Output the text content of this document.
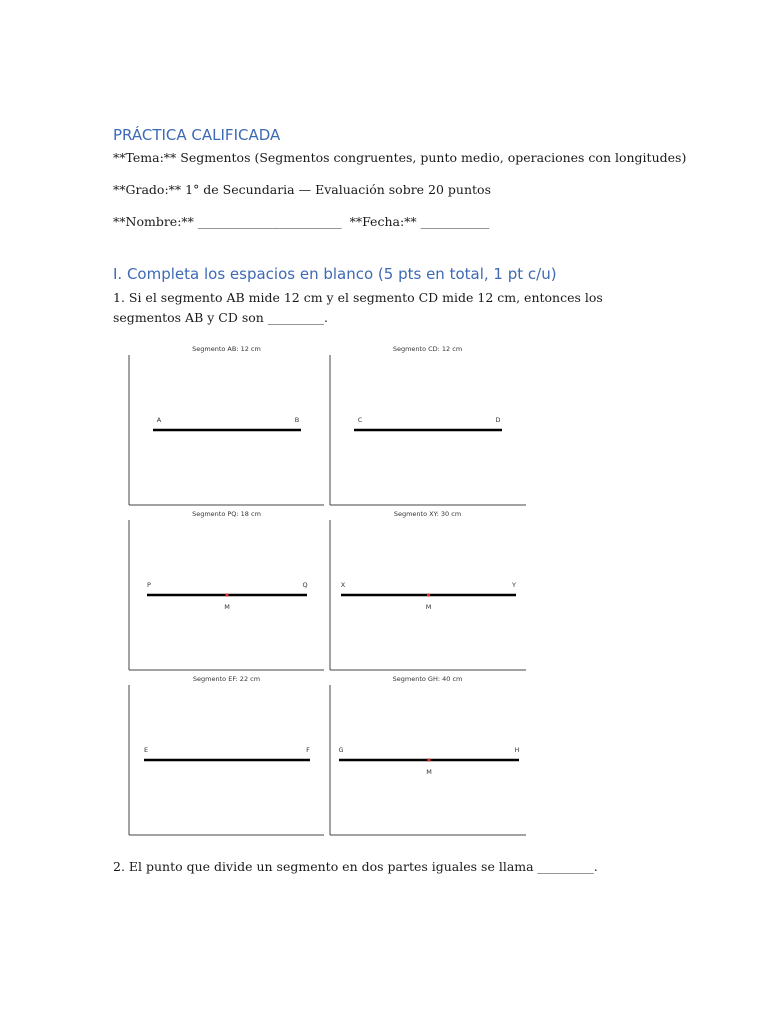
PRÁCTICA CALIFICADA

**Tema:** Segmentos (Segmentos congruentes, punto medio, operaciones con longitudes)

**Grado:** 1° de Secundaria — Evaluación sobre 20 puntos

**Nombre:** _______________________  **Fecha:** ___________

I. Completa los espacios en blanco (5 pts en total, 1 pt c/u)

1. Si el segmento AB mide 12 cm y el segmento CD mide 12 cm, entonces los segmentos AB y CD son _________.

Segmento AB: 12 cm
A	B
Segmento CD: 12 cm
C	D
Segmento PQ: 18 cm
P	Q
M
Segmento XY: 30 cm
X	Y
M
Segmento EF: 22 cm
E	F
Segmento GH: 40 cm
G	H
M

2. El punto que divide un segmento en dos partes iguales se llama _________.
